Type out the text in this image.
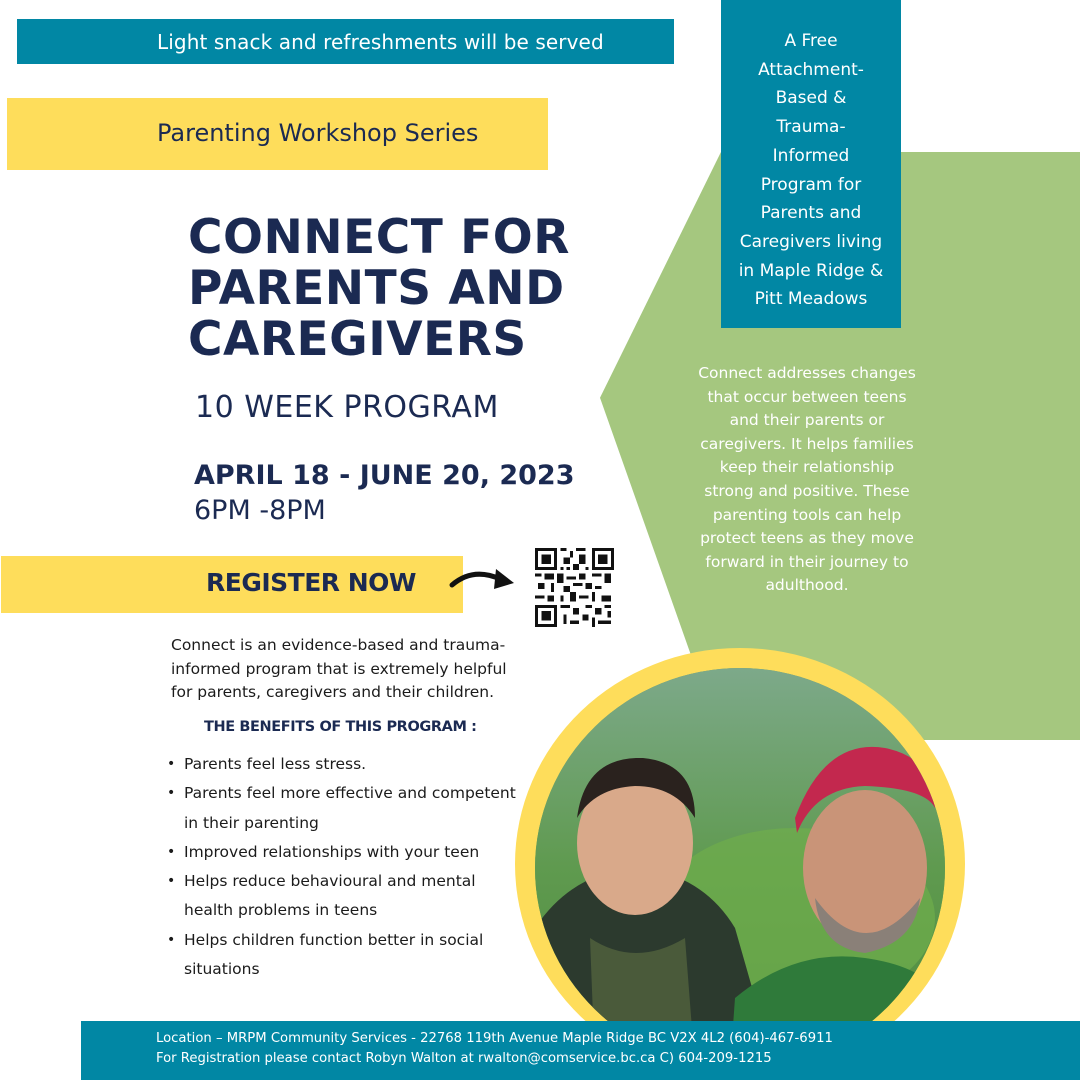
Light snack and refreshments will be served
Parenting Workshop Series

A Free
Attachment-
Based &
Trauma-
Informed
Program for
Parents and
Caregivers living
in Maple Ridge &
Pitt Meadows

Connect addresses changes
that occur between teens
and their parents or
caregivers. It helps families
keep their relationship
strong and positive. These
parenting tools can help
protect teens as they move
forward in their journey to
adulthood.
CONNECT FOR
PARENTS AND
CAREGIVERS
10 WEEK PROGRAM
APRIL 18 - JUNE 20, 2023
6PM -8PM
REGISTER NOW
Connect is an evidence-based and trauma-
informed program that is extremely helpful
for parents, caregivers and their children.
THE BENEFITS OF THIS PROGRAM :
• Parents feel less stress.
• Parents feel more effective and competent in their parenting
• Improved relationships with your teen
• Helps reduce behavioural and mental health problems in teens
• Helps children function better in social situations

Location – MRPM Community Services - 22768 119th Avenue Maple Ridge BC V2X 4L2 (604)-467-6911

For Registration please contact Robyn Walton at rwalton@comservice.bc.ca C) 604-209-1215
